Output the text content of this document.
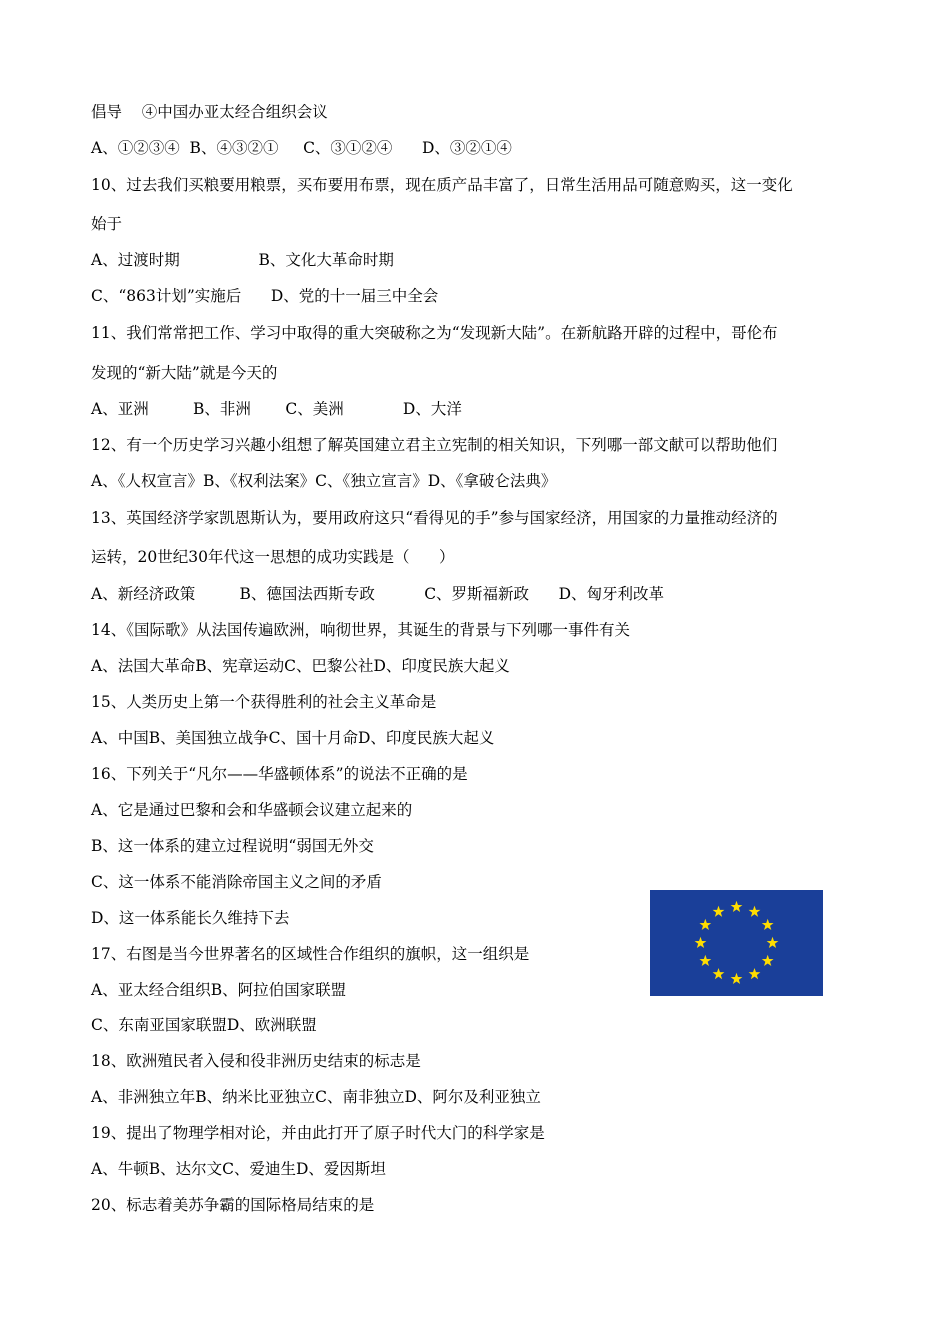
倡导    ④中国办亚太经合组织会议
A、①②③④  B、④③②①     C、③①②④      D、③②①④
10、过去我们买粮要用粮票，买布要用布票，现在质产品丰富了，日常生活用品可随意购买，这一变化
始于
A、过渡时期                B、文化大革命时期
C、“863计划”实施后      D、党的十一届三中全会
11、我们常常把工作、学习中取得的重大突破称之为“发现新大陆”。在新航路开辟的过程中，哥伦布
发现的“新大陆”就是今天的
A、亚洲         B、非洲       C、美洲            D、大洋
12、有一个历史学习兴趣小组想了解英国建立君主立宪制的相关知识，下列哪一部文献可以帮助他们
A、《人权宣言》B、《权利法案》C、《独立宣言》D、《拿破仑法典》
13、英国经济学家凯恩斯认为，要用政府这只“看得见的手”参与国家经济，用国家的力量推动经济的
运转，20世纪30年代这一思想的成功实践是（      ）
A、新经济政策         B、德国法西斯专政          C、罗斯福新政      D、匈牙利改革
14、《国际歌》从法国传遍欧洲，响彻世界，其诞生的背景与下列哪一事件有关
A、法国大革命B、宪章运动C、巴黎公社D、印度民族大起义
15、人类历史上第一个获得胜利的社会主义革命是
A、中国B、美国独立战争C、国十月命D、印度民族大起义
16、下列关于“凡尔——华盛顿体系”的说法不正确的是
A、它是通过巴黎和会和华盛顿会议建立起来的
B、这一体系的建立过程说明“弱国无外交
C、这一体系不能消除帝国主义之间的矛盾
D、这一体系能长久维持下去
17、右图是当今世界著名的区域性合作组织的旗帜，这一组织是
A、亚太经合组织B、阿拉伯国家联盟
C、东南亚国家联盟D、欧洲联盟
18、欧洲殖民者入侵和役非洲历史结束的标志是
A、非洲独立年B、纳米比亚独立C、南非独立D、阿尔及利亚独立
19、提出了物理学相对论，并由此打开了原子时代大门的科学家是
A、牛顿B、达尔文C、爱迪生D、爱因斯坦
20、标志着美苏争霸的国际格局结束的是
